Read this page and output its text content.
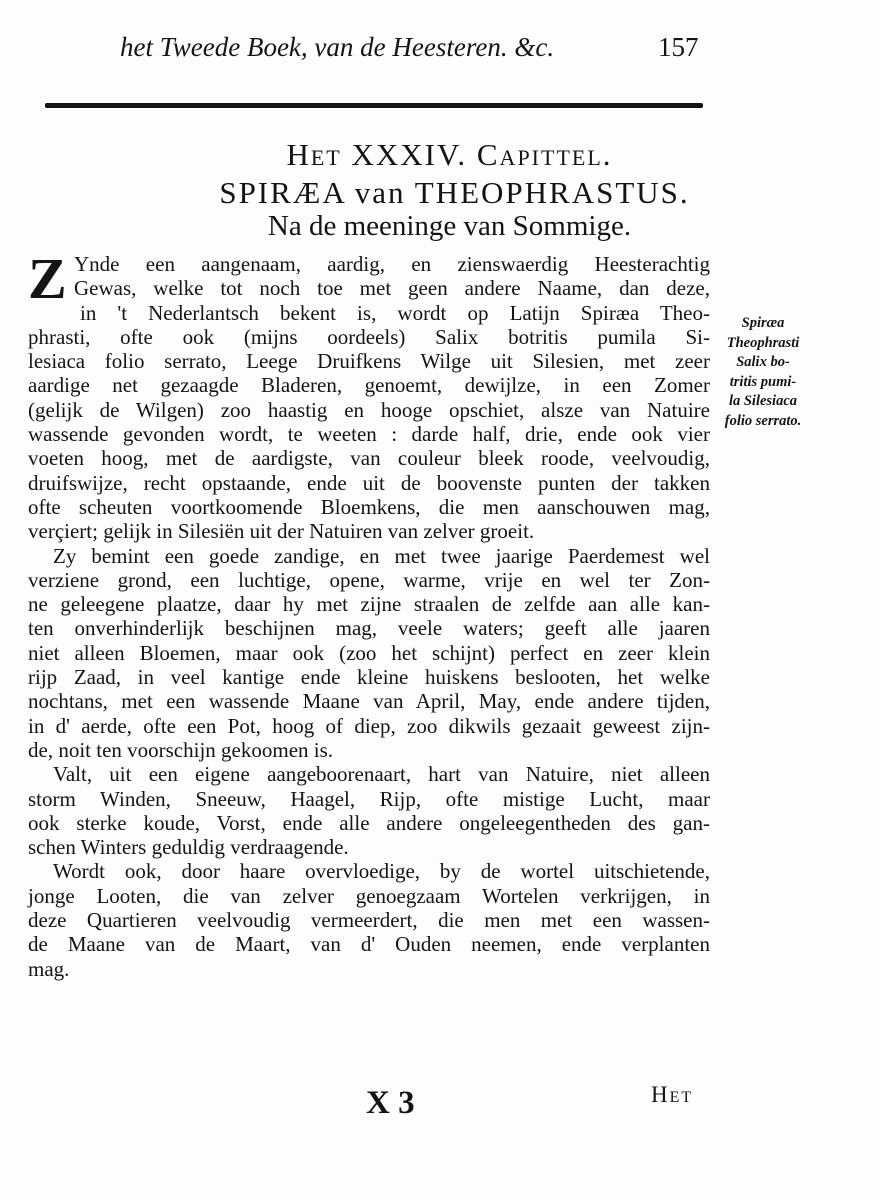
het Tweede Boek, van de Heesteren. &c.	157
Het XXXIV. Capittel.
SPIRÆA van THEOPHRASTUS.
Na de meeninge van Sommige.
Z Ynde een aangenaam, aardig, en zienswaerdig Heesterachtig
Gewas, welke tot noch toe met geen andere Naame, dan deze,
in 't Nederlantsch bekent is, wordt op Latijn Spiræa Theo-
phrasti, ofte ook (mijns oordeels) Salix botritis pumila Si-
lesiaca folio serrato, Leege Druifkens Wilge uit Silesien, met zeer
aardige net gezaagde Bladeren, genoemt, dewijlze, in een Zomer
(gelijk de Wilgen) zoo haastig en hooge opschiet, alsze van Natuire
wassende gevonden wordt, te weeten : darde half, drie, ende ook vier
voeten hoog, met de aardigste, van couleur bleek roode, veelvoudig,
druifswijze, recht opstaande, ende uit de boovenste punten der takken
ofte scheuten voortkoomende Bloemkens, die men aanschouwen mag,
verçiert; gelijk in Silesiën uit der Natuiren van zelver groeit.
Zy bemint een goede zandige, en met twee jaarige Paerdemest wel
verziene grond, een luchtige, opene, warme, vrije en wel ter Zon-
ne geleegene plaatze, daar hy met zijne straalen de zelfde aan alle kan-
ten onverhinderlijk beschijnen mag, veele waters; geeft alle jaaren
niet alleen Bloemen, maar ook (zoo het schijnt) perfect en zeer klein
rijp Zaad, in veel kantige ende kleine huiskens beslooten, het welke
nochtans, met een wassende Maane van April, May, ende andere tijden,
in d' aerde, ofte een Pot, hoog of diep, zoo dikwils gezaait geweest zijn-
de, noit ten voorschijn gekoomen is.
Valt, uit een eigene aangeboorenaart, hart van Natuire, niet alleen
storm Winden, Sneeuw, Haagel, Rijp, ofte mistige Lucht, maar
ook sterke koude, Vorst, ende alle andere ongeleegentheden des gan-
schen Winters geduldig verdraagende.
Wordt ook, door haare overvloedige, by de wortel uitschietende,
jonge Looten, die van zelver genoegzaam Wortelen verkrijgen, in
deze Quartieren veelvoudig vermeerdert, die men met een wassen-
de Maane van de Maart, van d' Ouden neemen, ende verplanten
mag.
Spiræa
Theophrasti
Salix bo-
tritis pumi-
la Silesiaca
folio serrato.
X 3	Het
